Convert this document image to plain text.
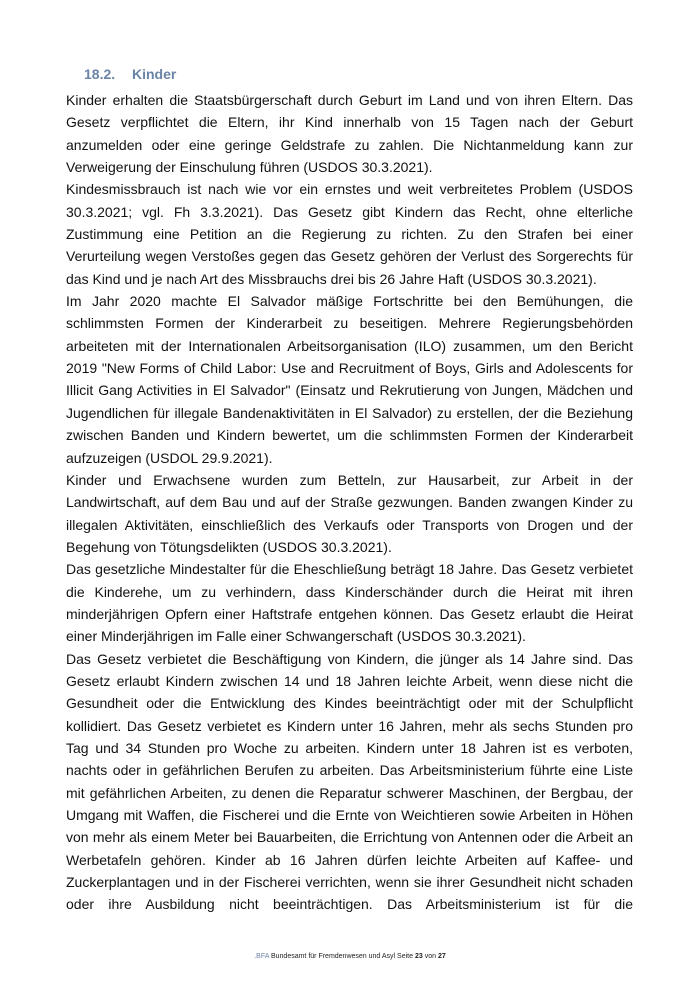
18.2. Kinder

Kinder erhalten die Staatsbürgerschaft durch Geburt im Land und von ihren Eltern. Das Gesetz verpflichtet die Eltern, ihr Kind innerhalb von 15 Tagen nach der Geburt anzumelden oder eine geringe Geldstrafe zu zahlen. Die Nichtanmeldung kann zur Verweigerung der Einschulung führen (USDOS 30.3.2021).

Kindesmissbrauch ist nach wie vor ein ernstes und weit verbreitetes Problem (USDOS 30.3.2021; vgl. Fh 3.3.2021). Das Gesetz gibt Kindern das Recht, ohne elterliche Zustimmung eine Petition an die Regierung zu richten. Zu den Strafen bei einer Verurteilung wegen Verstoßes gegen das Gesetz gehören der Verlust des Sorgerechts für das Kind und je nach Art des Missbrauchs drei bis 26 Jahre Haft (USDOS 30.3.2021).

Im Jahr 2020 machte El Salvador mäßige Fortschritte bei den Bemühungen, die schlimmsten Formen der Kinderarbeit zu beseitigen. Mehrere Regierungsbehörden arbeiteten mit der Internationalen Arbeitsorganisation (ILO) zusammen, um den Bericht 2019 "New Forms of Child Labor: Use and Recruitment of Boys, Girls and Adolescents for Illicit Gang Activities in El Salvador" (Einsatz und Rekrutierung von Jungen, Mädchen und Jugendlichen für illegale Bandenaktivitäten in El Salvador) zu erstellen, der die Beziehung zwischen Banden und Kindern bewertet, um die schlimmsten Formen der Kinderarbeit aufzuzeigen (USDOL 29.9.2021).

Kinder und Erwachsene wurden zum Betteln, zur Hausarbeit, zur Arbeit in der Landwirtschaft, auf dem Bau und auf der Straße gezwungen. Banden zwangen Kinder zu illegalen Aktivitäten, einschließlich des Verkaufs oder Transports von Drogen und der Begehung von Tötungsdelikten (USDOS 30.3.2021).

Das gesetzliche Mindestalter für die Eheschließung beträgt 18 Jahre. Das Gesetz verbietet die Kinderehe, um zu verhindern, dass Kinderschänder durch die Heirat mit ihren minderjährigen Opfern einer Haftstrafe entgehen können. Das Gesetz erlaubt die Heirat einer Minderjährigen im Falle einer Schwangerschaft (USDOS 30.3.2021).

Das Gesetz verbietet die Beschäftigung von Kindern, die jünger als 14 Jahre sind. Das Gesetz erlaubt Kindern zwischen 14 und 18 Jahren leichte Arbeit, wenn diese nicht die Gesundheit oder die Entwicklung des Kindes beeinträchtigt oder mit der Schulpflicht kollidiert. Das Gesetz verbietet es Kindern unter 16 Jahren, mehr als sechs Stunden pro Tag und 34 Stunden pro Woche zu arbeiten. Kindern unter 18 Jahren ist es verboten, nachts oder in gefährlichen Berufen zu arbeiten. Das Arbeitsministerium führte eine Liste mit gefährlichen Arbeiten, zu denen die Reparatur schwerer Maschinen, der Bergbau, der Umgang mit Waffen, die Fischerei und die Ernte von Weichtieren sowie Arbeiten in Höhen von mehr als einem Meter bei Bauarbeiten, die Errichtung von Antennen oder die Arbeit an Werbetafeln gehören. Kinder ab 16 Jahren dürfen leichte Arbeiten auf Kaffee- und Zuckerplantagen und in der Fischerei verrichten, wenn sie ihrer Gesundheit nicht schaden oder ihre Ausbildung nicht beeinträchtigen. Das Arbeitsministerium ist für die

.BFA Bundesamt für Fremdenwesen und Asyl Seite 23 von 27
